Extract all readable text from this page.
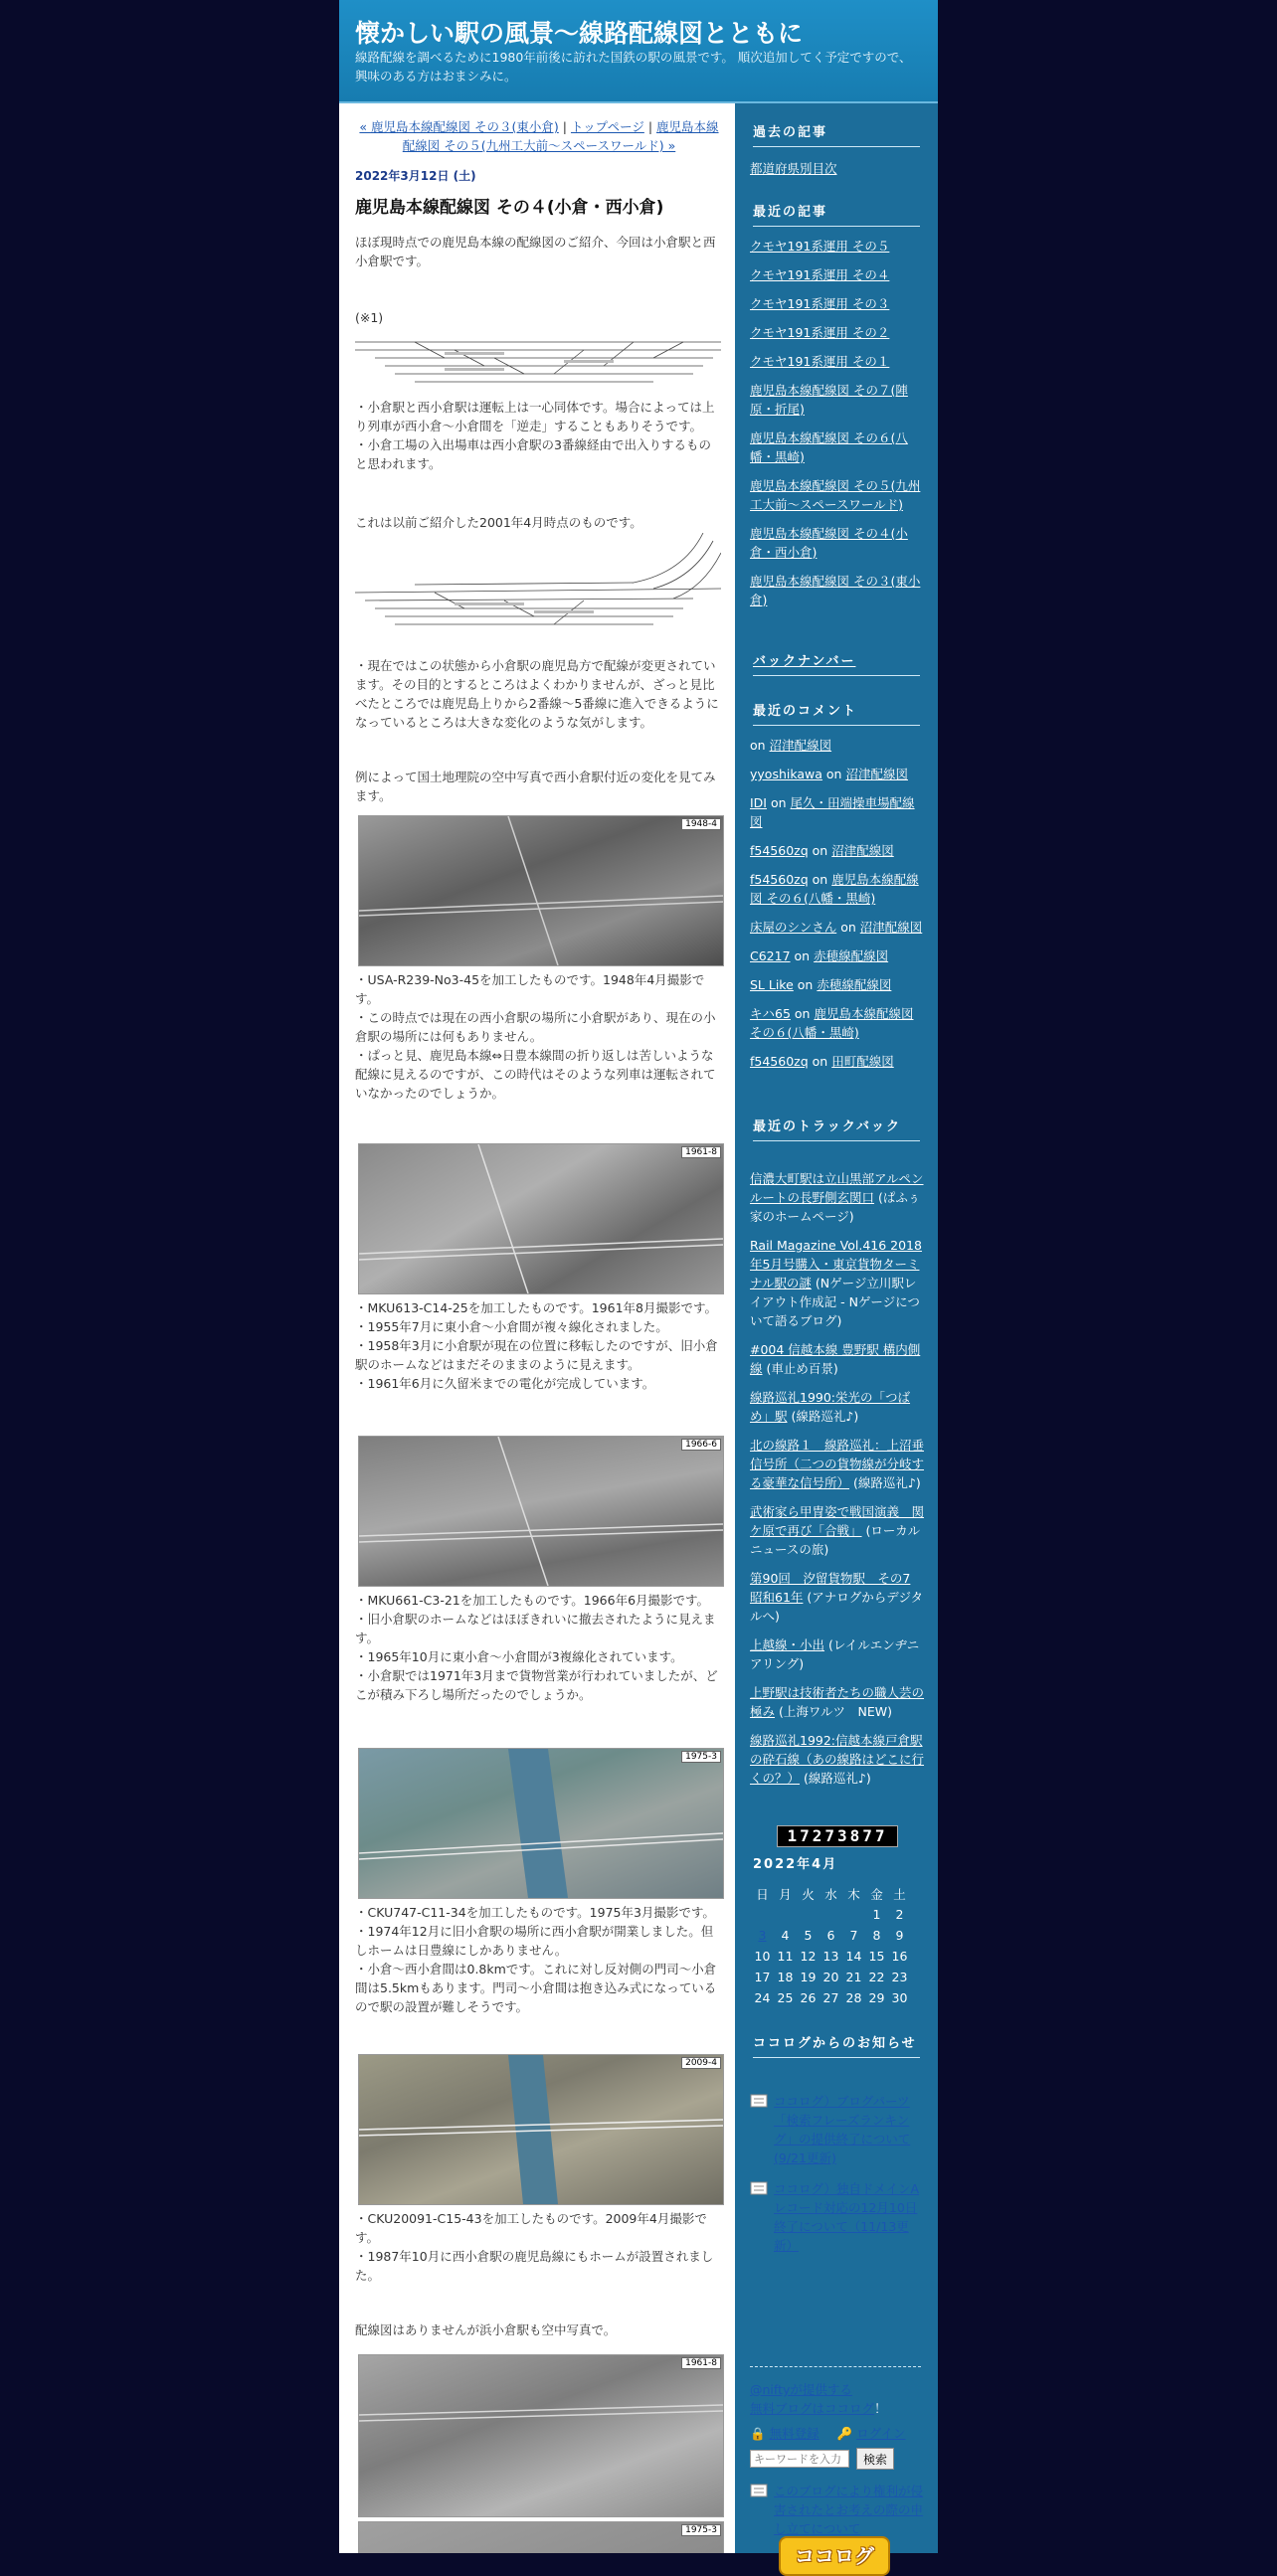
懐かしい駅の風景～線路配線図とともに
線路配線を調べるために1980年前後に訪れた国鉄の駅の風景です。 順次追加してく予定ですので、興味のある方はおまシみに。
« 鹿児島本線配線図 その３(東小倉) | トップページ | 鹿児島本線配線図 その５(九州工大前～スペースワールド) »
2022年3月12日 (土)
鹿児島本線配線図 その４(小倉・西小倉)
ほぼ現時点での鹿児島本線の配線図のご紹介、今回は小倉駅と西小倉駅です。
(※1)
・小倉駅と西小倉駅は運転上は一心同体です。場合によっては上り列車が西小倉～小倉間を「逆走」することもありそうです。
・小倉工場の入出場車は西小倉駅の3番線経由で出入りするものと思われます。
これは以前ご紹介した2001年4月時点のものです。
・現在ではこの状態から小倉駅の鹿児島方で配線が変更されています。その目的とするところはよくわかりませんが、ざっと見比べたところでは鹿児島上りから2番線～5番線に進入できるようになっているところは大きな変化のような気がします。
例によって国土地理院の空中写真で西小倉駅付近の変化を見てみます。
1948-4
・USA-R239-No3-45を加工したものです。1948年4月撮影です。
・この時点では現在の西小倉駅の場所に小倉駅があり、現在の小倉駅の場所には何もありません。
・ぱっと見、鹿児島本線⇔日豊本線間の折り返しは苦しいような配線に見えるのですが、この時代はそのような列車は運転されていなかったのでしょうか。
1961-8
・MKU613-C14-25を加工したものです。1961年8月撮影です。
・1955年7月に東小倉～小倉間が複々線化されました。
・1958年3月に小倉駅が現在の位置に移転したのですが、旧小倉駅のホームなどはまだそのままのように見えます。
・1961年6月に久留米までの電化が完成しています。
1966-6
・MKU661-C3-21を加工したものです。1966年6月撮影です。
・旧小倉駅のホームなどはほぼきれいに撤去されたように見えます。
・1965年10月に東小倉～小倉間が3複線化されています。
・小倉駅では1971年3月まで貨物営業が行われていましたが、どこが積み下ろし場所だったのでしょうか。
1975-3
・CKU747-C11-34を加工したものです。1975年3月撮影です。
・1974年12月に旧小倉駅の場所に西小倉駅が開業しました。但しホームは日豊線にしかありません。
・小倉～西小倉間は0.8kmです。これに対し反対側の門司～小倉間は5.5kmもあります。門司～小倉間は抱き込み式になっているので駅の設置が難しそうです。
2009-4
・CKU20091-C15-43を加工したものです。2009年4月撮影です。
・1987年10月に西小倉駅の鹿児島線にもホームが設置されました。
配線図はありませんが浜小倉駅も空中写真で。
1961-8
1975-3
過去の記事
都道府県別目次
最近の記事
クモヤ191系運用 その５
クモヤ191系運用 その４
クモヤ191系運用 その３
クモヤ191系運用 その２
クモヤ191系運用 その１
鹿児島本線配線図 その７(陣原・折尾)
鹿児島本線配線図 その６(八幡・黒崎)
鹿児島本線配線図 その５(九州工大前～スペースワールド)
鹿児島本線配線図 その４(小倉・西小倉)
鹿児島本線配線図 その３(東小倉)
バックナンバー
最近のコメント
on 沼津配線図
yyoshikawa on 沼津配線図
IDI on 尾久・田端操車場配線図
f54560zq on 沼津配線図
f54560zq on 鹿児島本線配線図 その６(八幡・黒崎)
床屋のシンさん on 沼津配線図
C6217 on 赤穂線配線図
SL Like on 赤穂線配線図
キハ65 on 鹿児島本線配線図 その６(八幡・黒崎)
f54560zq on 田町配線図
最近のトラックバック
信濃大町駅は立山黒部アルペンルートの長野側玄関口 (ぱふぅ家のホームページ)
Rail Magazine Vol.416 2018年5月号購入・東京貨物ターミナル駅の謎 (Nゲージ立川駅レイアウト作成記 - Nゲージについて語るブログ)
#004 信越本線 豊野駅 構内側線 (車止め百景)
線路巡礼1990:栄光の「つばめ」駅 (線路巡礼♪)
北の線路１　線路巡礼：上沼垂信号所（二つの貨物線が分岐する豪華な信号所） (線路巡礼♪)
武術家ら甲冑姿で戦国演義　関ケ原で再び「合戦」 (ローカルニュースの旅)
第90回　汐留貨物駅　その7 昭和61年 (アナログからデジタルへ)
上越線・小出 (レイルエンヂニアリング)
上野駅は技術者たちの職人芸の極み (上海ワルツ　NEW)
線路巡礼1992:信越本線戸倉駅の砕石線（あの線路はどこに行くの？） (線路巡礼♪)
17273877
2022年4月
日	月	火	水	木	金	土
					1	2
3	4	5	6	7	8	9
10	11	12	13	14	15	16
17	18	19	20	21	22	23
24	25	26	27	28	29	30
ココログからのお知らせ
ココログ）ブログパーツ「検索フレーズランキング」の提供終了について(9/21更新)
ココログ）独自ドメインAレコード対応の12月10日終了について（11/13更新）
@niftyが提供する
無料ブログはココログ！
🔒 無料登録 🔑 ログイン
キーワードを入力
検索
このブログにより権利が侵害されたとお考えの際の申し立てについて
ココログ
